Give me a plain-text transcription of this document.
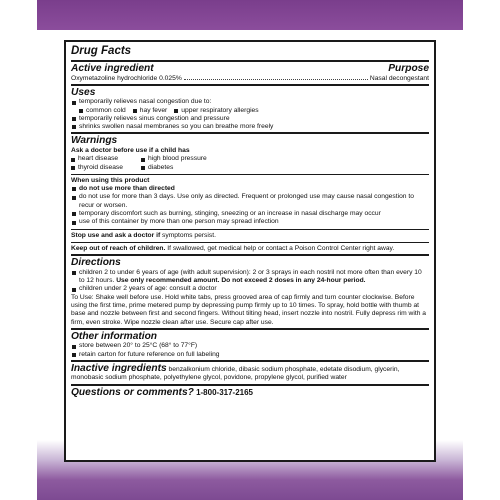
Drug Facts
Active ingredient	Purpose
Oxymetazoline hydrochloride 0.025%	Nasal decongestant
Uses
temporarily relieves nasal congestion due to:
common cold	hay fever	upper respiratory allergies
temporarily relieves sinus congestion and pressure
shrinks swollen nasal membranes so you can breathe more freely
Warnings
Ask a doctor before use if a child has
heart disease	high blood pressure
thyroid disease	diabetes
When using this product
do not use more than directed
do not use for more than 3 days. Use only as directed. Frequent or prolonged use may cause nasal congestion to recur or worsen.
temporary discomfort such as burning, stinging, sneezing or an increase in nasal discharge may occur
use of this container by more than one person may spread infection
Stop use and ask a doctor if symptoms persist.
Keep out of reach of children. If swallowed, get medical help or contact a Poison Control Center right away.
Directions
children 2 to under 6 years of age (with adult supervision): 2 or 3 sprays in each nostril not more often than every 10 to 12 hours. Use only recommended amount. Do not exceed 2 doses in any 24-hour period.
children under 2 years of age: consult a doctor
To Use: Shake well before use. Hold white tabs, press grooved area of cap firmly and turn counter clockwise. Before using the first time, prime metered pump by depressing pump firmly up to 10 times. To spray, hold bottle with thumb at base and nozzle between first and second fingers. Without tilting head, insert nozzle into nostril. Fully depress rim with a firm, even stroke. Wipe nozzle clean after use. Secure cap after use.
Other information
store between 20° to 25°C (68° to 77°F)
retain carton for future reference on full labeling
Inactive ingredients benzalkonium chloride, dibasic sodium phosphate, edetate disodium, glycerin, monobasic sodium phosphate, polyethylene glycol, povidone, propylene glycol, purified water
Questions or comments? 1-800-317-2165
